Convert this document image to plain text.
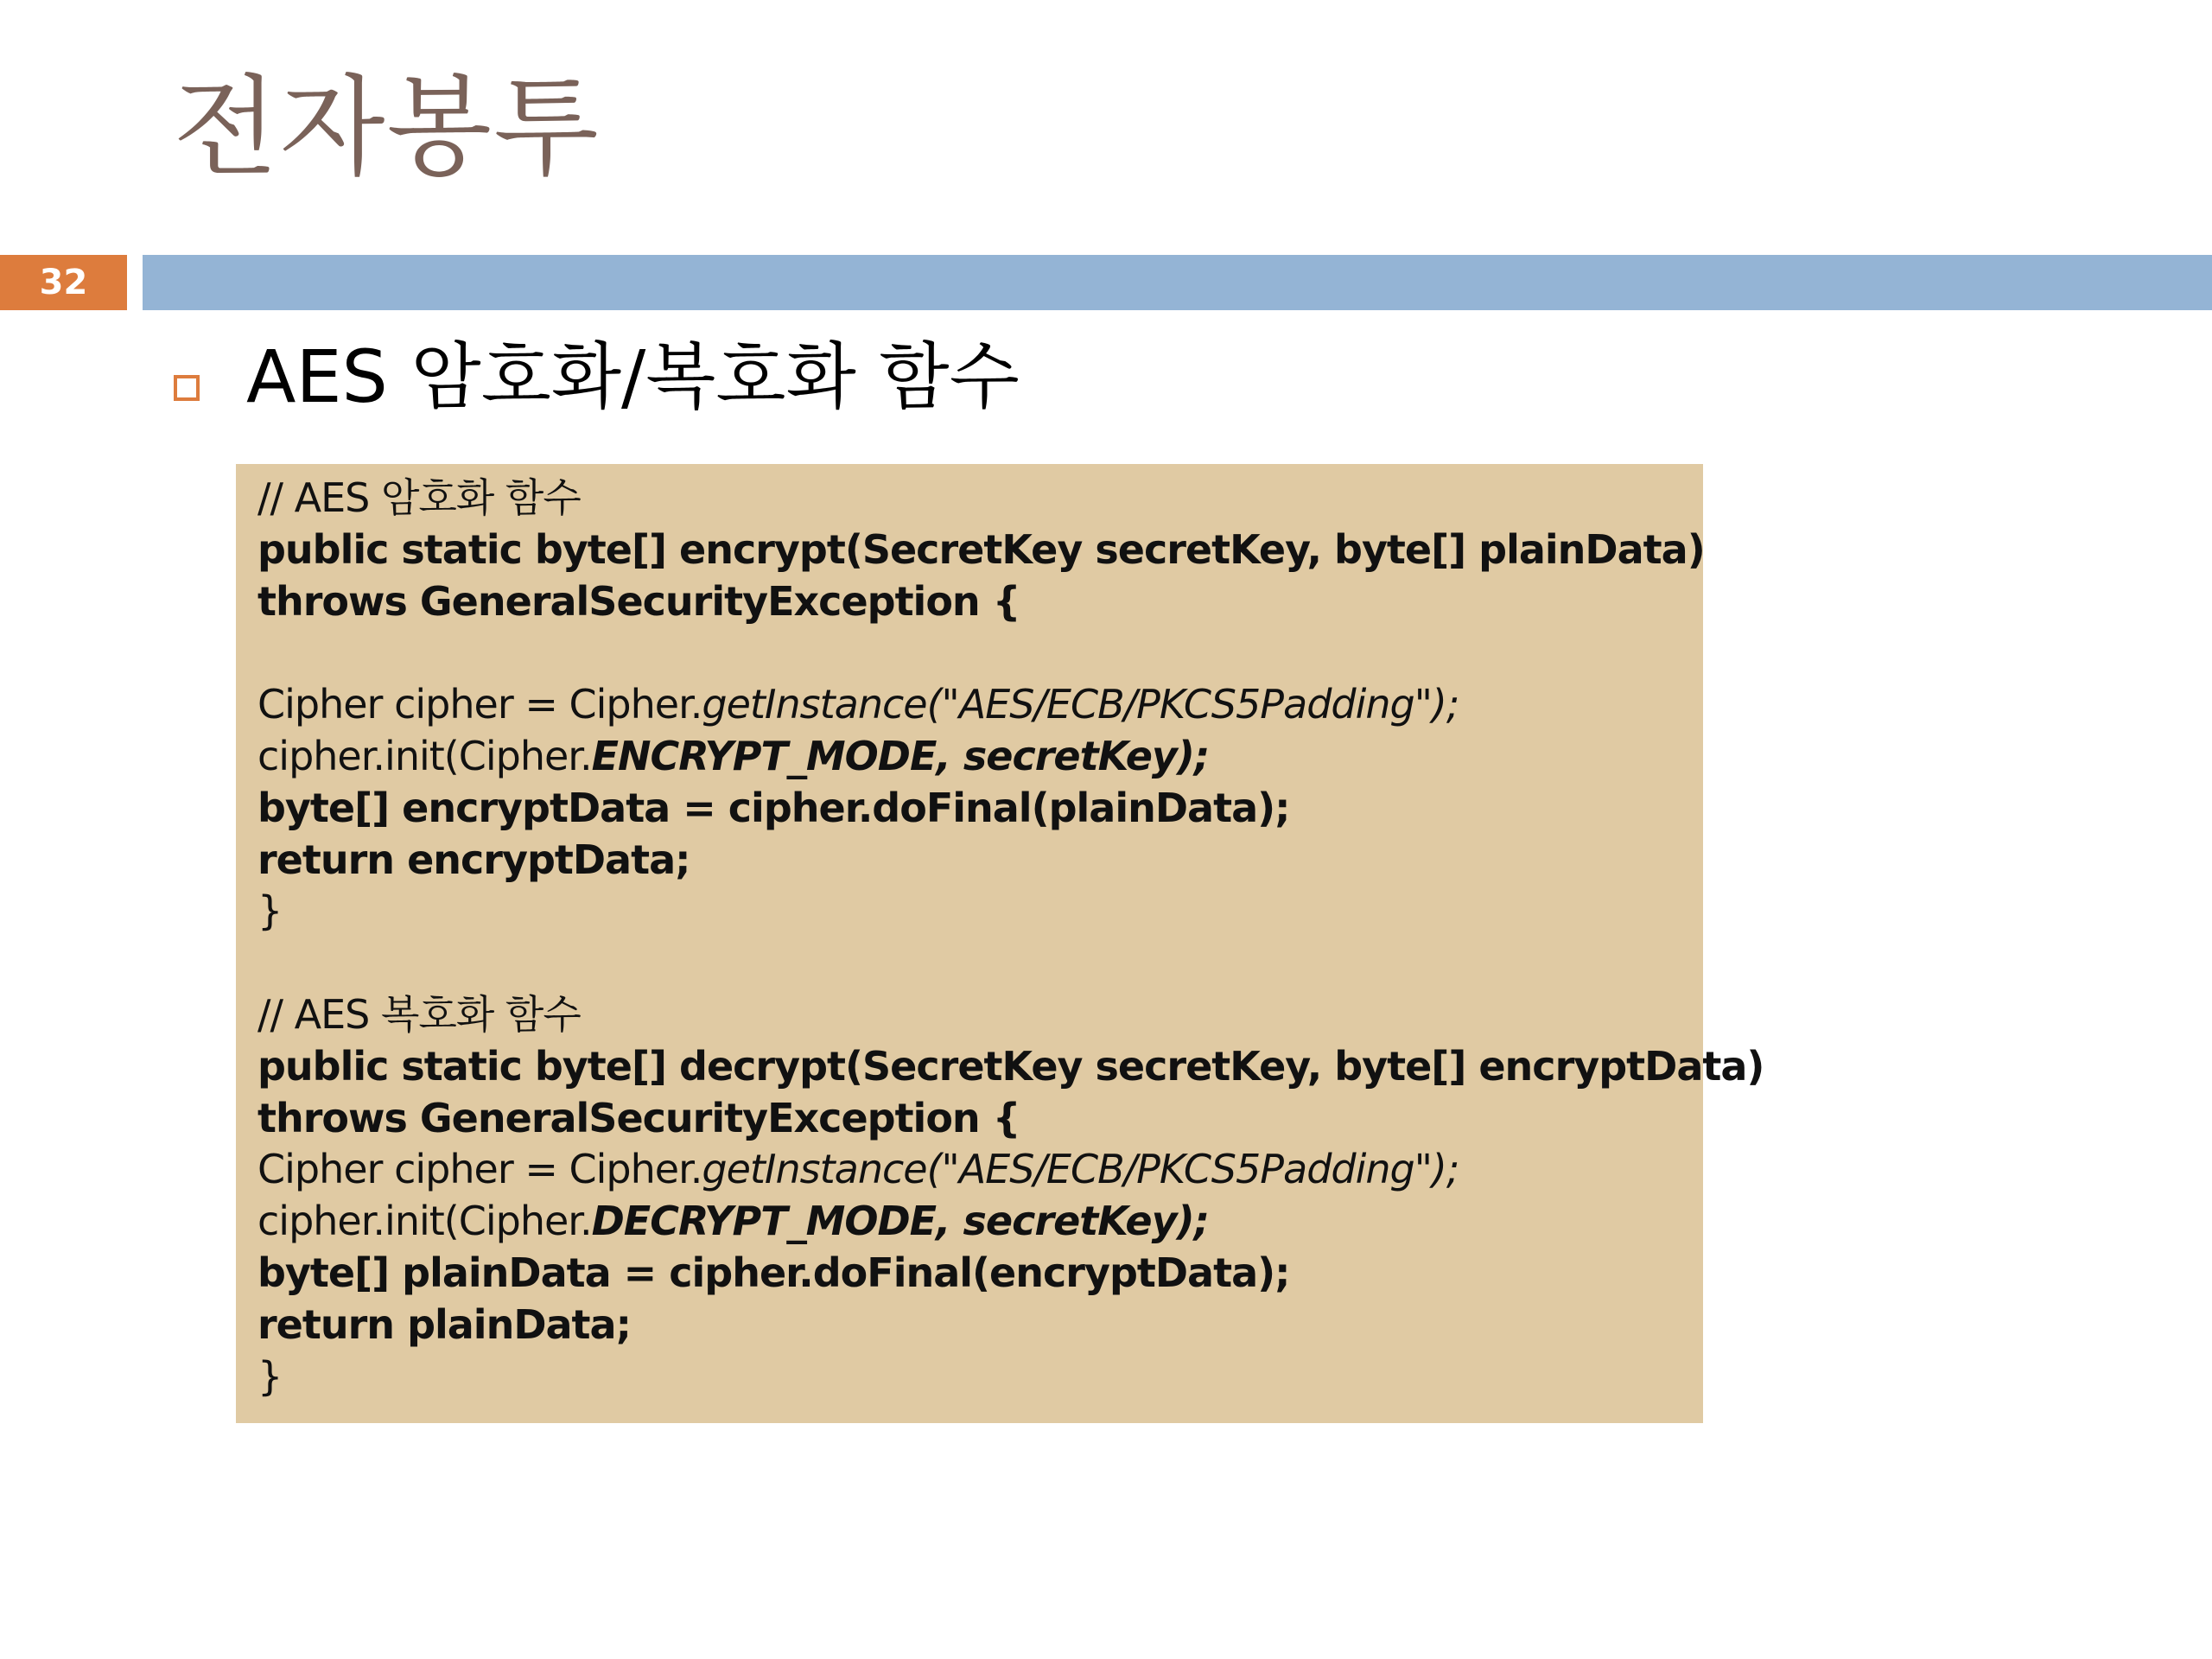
전자봉투
32
AES 암호화/복호화 함수
// AES 암호화 함수
public static byte[] encrypt(SecretKey secretKey, byte[] plainData)
throws GeneralSecurityException {
Cipher cipher = Cipher.getInstance("AES/ECB/PKCS5Padding");
cipher.init(Cipher.ENCRYPT_MODE, secretKey);
byte[] encryptData = cipher.doFinal(plainData);
return encryptData;
}
// AES 복호화 함수
public static byte[] decrypt(SecretKey secretKey, byte[] encryptData)
throws GeneralSecurityException {
Cipher cipher = Cipher.getInstance("AES/ECB/PKCS5Padding");
cipher.init(Cipher.DECRYPT_MODE, secretKey);
byte[] plainData = cipher.doFinal(encryptData);
return plainData;
}
